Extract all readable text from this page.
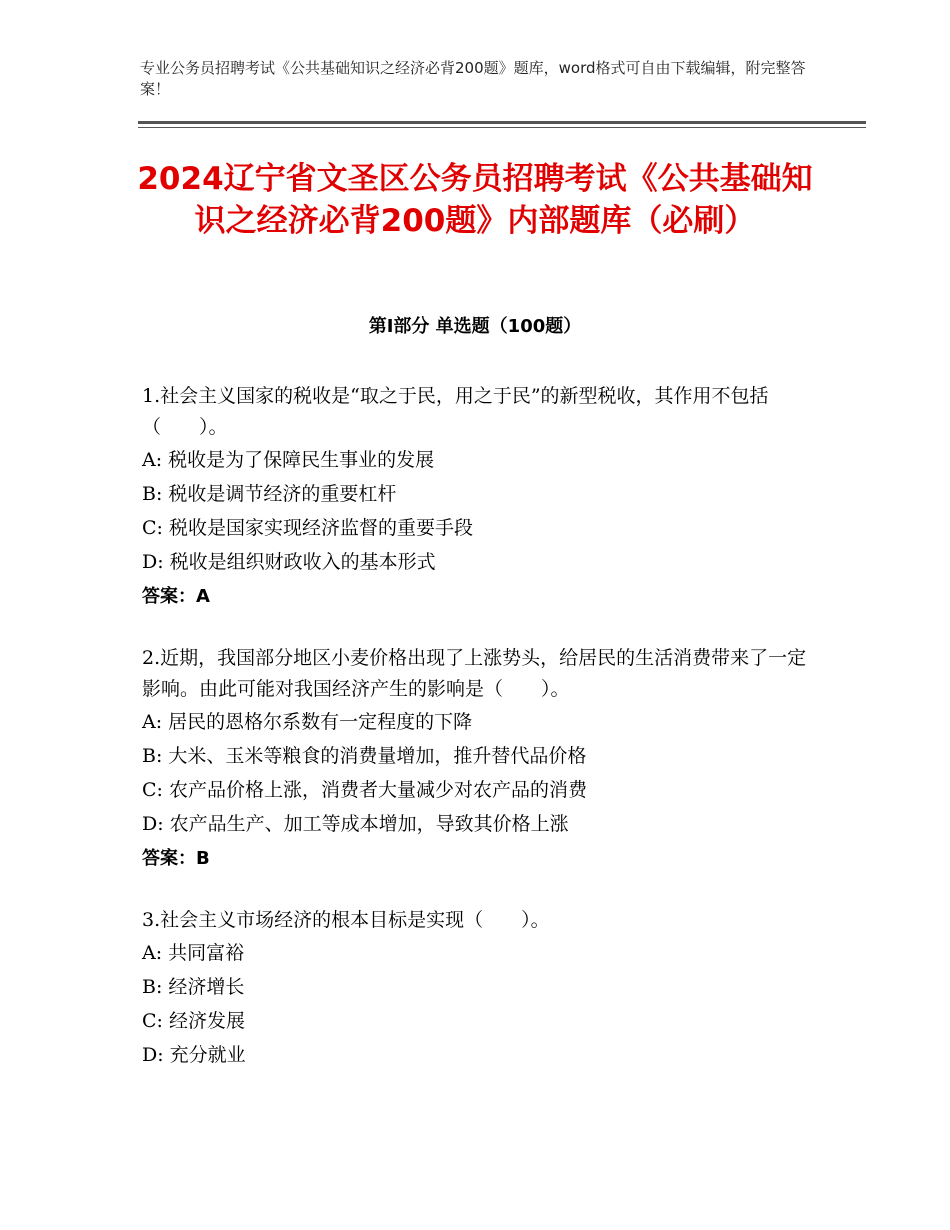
专业公务员招聘考试《公共基础知识之经济必背200题》题库，word格式可自由下载编辑，附完整答案！
2024辽宁省文圣区公务员招聘考试《公共基础知识之经济必背200题》内部题库（必刷）
第Ⅰ部分 单选题（100题）
1.社会主义国家的税收是“取之于民，用之于民”的新型税收，其作用不包括（　　）。
A: 税收是为了保障民生事业的发展
B: 税收是调节经济的重要杠杆
C: 税收是国家实现经济监督的重要手段
D: 税收是组织财政收入的基本形式
答案：A
2.近期，我国部分地区小麦价格出现了上涨势头，给居民的生活消费带来了一定影响。由此可能对我国经济产生的影响是（　　）。
A: 居民的恩格尔系数有一定程度的下降
B: 大米、玉米等粮食的消费量增加，推升替代品价格
C: 农产品价格上涨，消费者大量减少对农产品的消费
D: 农产品生产、加工等成本增加，导致其价格上涨
答案：B
3.社会主义市场经济的根本目标是实现（　　）。
A: 共同富裕
B: 经济增长
C: 经济发展
D: 充分就业
